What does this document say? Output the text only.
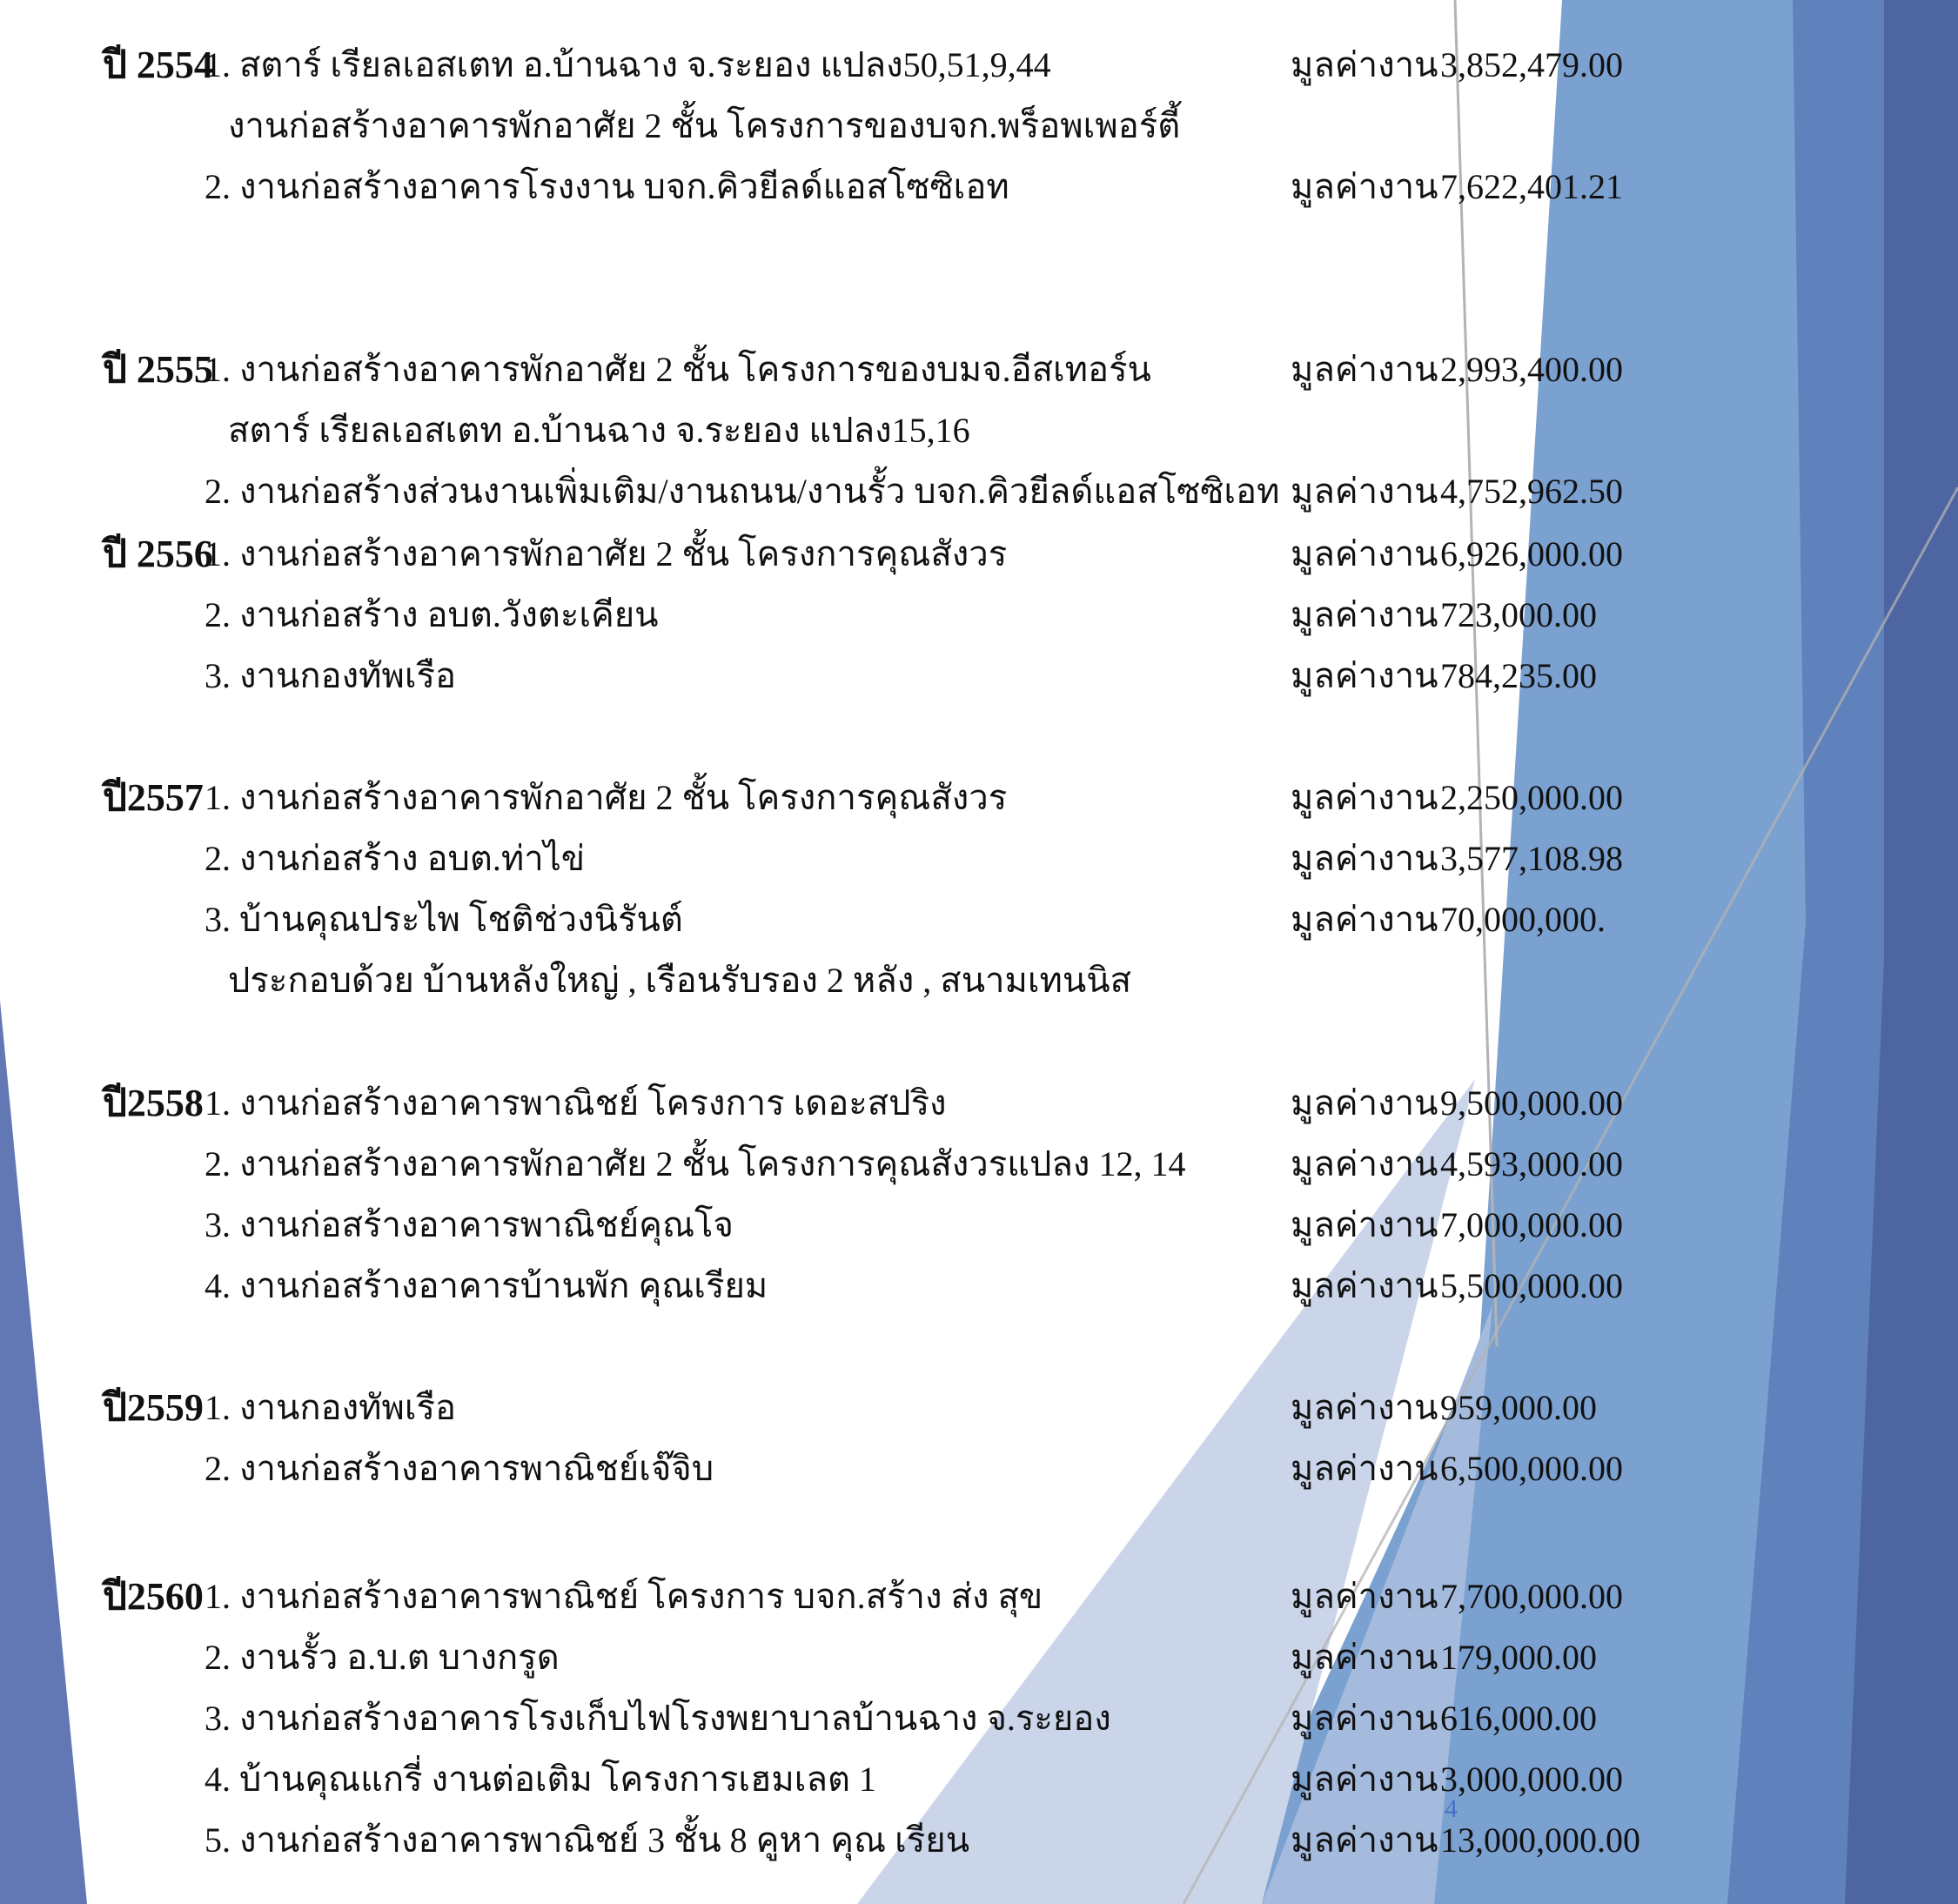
ปี 2554
1. สตาร์ เรียลเอสเตท อ.บ้านฉาง จ.ระยอง แปลง50,51,9,44	มูลค่างาน 3,852,479.00
งานก่อสร้างอาคารพักอาศัย 2 ชั้น โครงการของบจก.พร็อพเพอร์ตี้
2. งานก่อสร้างอาคารโรงงาน บจก.คิวยีลด์แอสโซซิเอท	มูลค่างาน 7,622,401.21
ปี 2555
1. งานก่อสร้างอาคารพักอาศัย 2 ชั้น โครงการของบมจ.อีสเทอร์น	มูลค่างาน 2,993,400.00
สตาร์ เรียลเอสเตท อ.บ้านฉาง จ.ระยอง แปลง15,16
2. งานก่อสร้างส่วนงานเพิ่มเติม/งานถนน/งานรั้ว บจก.คิวยีลด์แอสโซซิเอท มูลค่างาน 4,752,962.50
ปี 2556
1. งานก่อสร้างอาคารพักอาศัย 2 ชั้น โครงการคุณสังวร	มูลค่างาน 6,926,000.00
2. งานก่อสร้าง อบต.วังตะเคียน	มูลค่างาน 723,000.00
3. งานกองทัพเรือ	มูลค่างาน 784,235.00
ปี2557 1. งานก่อสร้างอาคารพักอาศัย 2 ชั้น โครงการคุณสังวร	มูลค่างาน 2,250,000.00
2. งานก่อสร้าง อบต.ท่าไข่	มูลค่างาน 3,577,108.98
3. บ้านคุณประไพ โชติช่วงนิรันต์	มูลค่างาน 70,000,000.
ประกอบด้วย บ้านหลังใหญ่ , เรือนรับรอง 2 หลัง , สนามเทนนิส
ปี2558 1. งานก่อสร้างอาคารพาณิชย์ โครงการ เดอะสปริง	มูลค่างาน 9,500,000.00
2. งานก่อสร้างอาคารพักอาศัย 2 ชั้น โครงการคุณสังวรแปลง 12, 14	มูลค่างาน 4,593,000.00
3. งานก่อสร้างอาคารพาณิชย์คุณโจ	มูลค่างาน 7,000,000.00
4. งานก่อสร้างอาคารบ้านพัก คุณเรียม	มูลค่างาน 5,500,000.00
ปี2559 1. งานกองทัพเรือ	มูลค่างาน 959,000.00
2. งานก่อสร้างอาคารพาณิชย์เจ๊จิบ	มูลค่างาน 6,500,000.00
ปี2560 1. งานก่อสร้างอาคารพาณิชย์ โครงการ บจก.สร้าง ส่ง สุข	มูลค่างาน 7,700,000.00
2. งานรั้ว อ.บ.ต บางกรูด	มูลค่างาน 179,000.00
3. งานก่อสร้างอาคารโรงเก็บไฟโรงพยาบาลบ้านฉาง จ.ระยอง	มูลค่างาน 616,000.00
4. บ้านคุณแกรี่ งานต่อเติม โครงการเฮมเลต 1	มูลค่างาน 3,000,000.00
5. งานก่อสร้างอาคารพาณิชย์ 3 ชั้น 8 คูหา คุณ เรียน	มูลค่างาน 13,000,000.00
4
